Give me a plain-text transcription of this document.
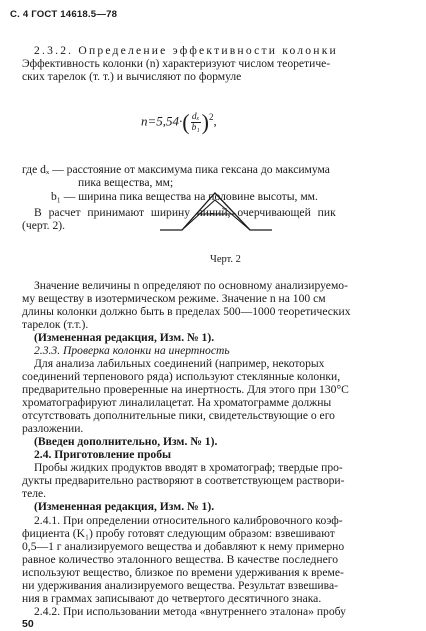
С. 4 ГОСТ 14618.5—78
2.3.2. Определение эффективности колонки
Эффективность колонки (n) характеризуют числом теоретиче-
ских тарелок (т. т.) и вычисляют по формуле
$n=5,54\cdot( \frac{\text{dₓ}}{\text{b₁}} )^2$,
где dₓ — расстояние от максимума пика гексана до максимума
пика вещества, мм;
b₁ — ширина пика вещества на половине высоты, мм.
В расчет принимают ширину линий, очерчивающей пик
(черт. 2).
Черт. 2
Значение величины n определяют по основному анализируемо-
му веществу в изотермическом режиме. Значение n на 100 см
длины колонки должно быть в пределах 500—1000 теоретических
тарелок (т.т.).
(Измененная редакция, Изм. № 1).
2.3.3. Проверка колонки на инертность
Для анализа лабильных соединений (например, некоторых
соединений терпенового ряда) используют стеклянные колонки,
предварительно проверенные на инертность. Для этого при 130°С
хроматографируют линалилацетат. На хроматограмме должны
отсутствовать дополнительные пики, свидетельствующие о его
разложении.
(Введен дополнительно, Изм. № 1).
2.4. Приготовление пробы
Пробы жидких продуктов вводят в хроматограф; твердые про-
дукты предварительно растворяют в соответствующем раствори-
теле.
(Измененная редакция, Изм. № 1).
2.4.1. При определении относительного калибровочного коэф-
фициента (K₁) пробу готовят следующим образом: взвешивают
0,5—1 г анализируемого вещества и добавляют к нему примерно
равное количество эталонного вещества. В качестве последнего
используют вещество, близкое по времени удерживания к време-
ни удерживания анализируемого вещества. Результат взвешива-
ния в граммах записывают до четвертого десятичного знака.
2.4.2. При использовании метода «внутреннего эталона» пробу
50
